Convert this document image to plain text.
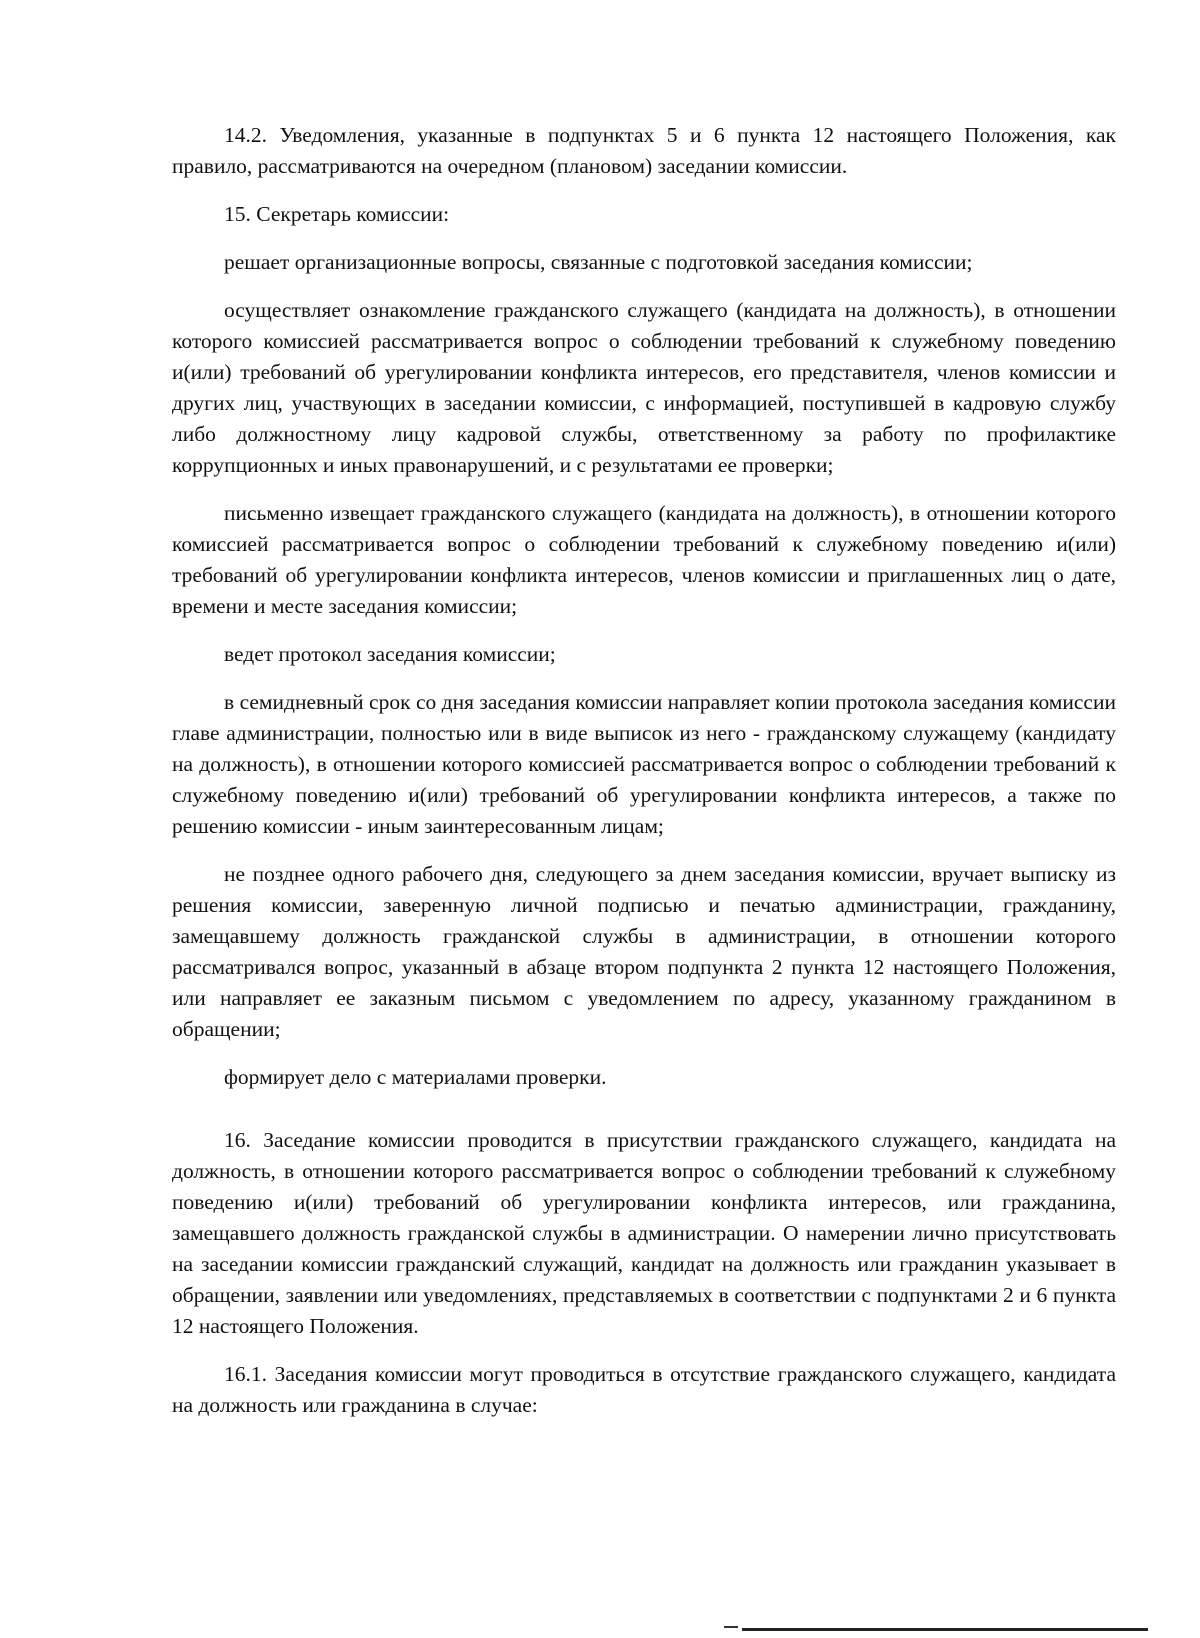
14.2. Уведомления, указанные в подпунктах 5 и 6 пункта 12 настоящего Положения, как правило, рассматриваются на очередном (плановом) заседании комиссии.

15. Секретарь комиссии:

решает организационные вопросы, связанные с подготовкой заседания комиссии;

осуществляет ознакомление гражданского служащего (кандидата на должность), в отношении которого комиссией рассматривается вопрос о соблюдении требований к служебному поведению и(или) требований об урегулировании конфликта интересов, его представителя, членов комиссии и других лиц, участвующих в заседании комиссии, с информацией, поступившей в кадровую службу либо должностному лицу кадровой службы, ответственному за работу по профилактике коррупционных и иных правонарушений, и с результатами ее проверки;

письменно извещает гражданского служащего (кандидата на должность), в отношении которого комиссией рассматривается вопрос о соблюдении требований к служебному поведению и(или) требований об урегулировании конфликта интересов, членов комиссии и приглашенных лиц о дате, времени и месте заседания комиссии;

ведет протокол заседания комиссии;

в семидневный срок со дня заседания комиссии направляет копии протокола заседания комиссии главе администрации, полностью или в виде выписок из него - гражданскому служащему (кандидату на должность), в отношении которого комиссией рассматривается вопрос о соблюдении требований к служебному поведению и(или) требований об урегулировании конфликта интересов, а также по решению комиссии - иным заинтересованным лицам;

не позднее одного рабочего дня, следующего за днем заседания комиссии, вручает выписку из решения комиссии, заверенную личной подписью и печатью администрации, гражданину, замещавшему должность гражданской службы в администрации, в отношении которого рассматривался вопрос, указанный в абзаце втором подпункта 2 пункта 12 настоящего Положения, или направляет ее заказным письмом с уведомлением по адресу, указанному гражданином в обращении;

формирует дело с материалами проверки.

16. Заседание комиссии проводится в присутствии гражданского служащего, кандидата на должность, в отношении которого рассматривается вопрос о соблюдении требований к служебному поведению и(или) требований об урегулировании конфликта интересов, или гражданина, замещавшего должность гражданской службы в администрации. О намерении лично присутствовать на заседании комиссии гражданский служащий, кандидат на должность или гражданин указывает в обращении, заявлении или уведомлениях, представляемых в соответствии с подпунктами 2 и 6 пункта 12 настоящего Положения.

16.1. Заседания комиссии могут проводиться в отсутствие гражданского служащего, кандидата на должность или гражданина в случае:
